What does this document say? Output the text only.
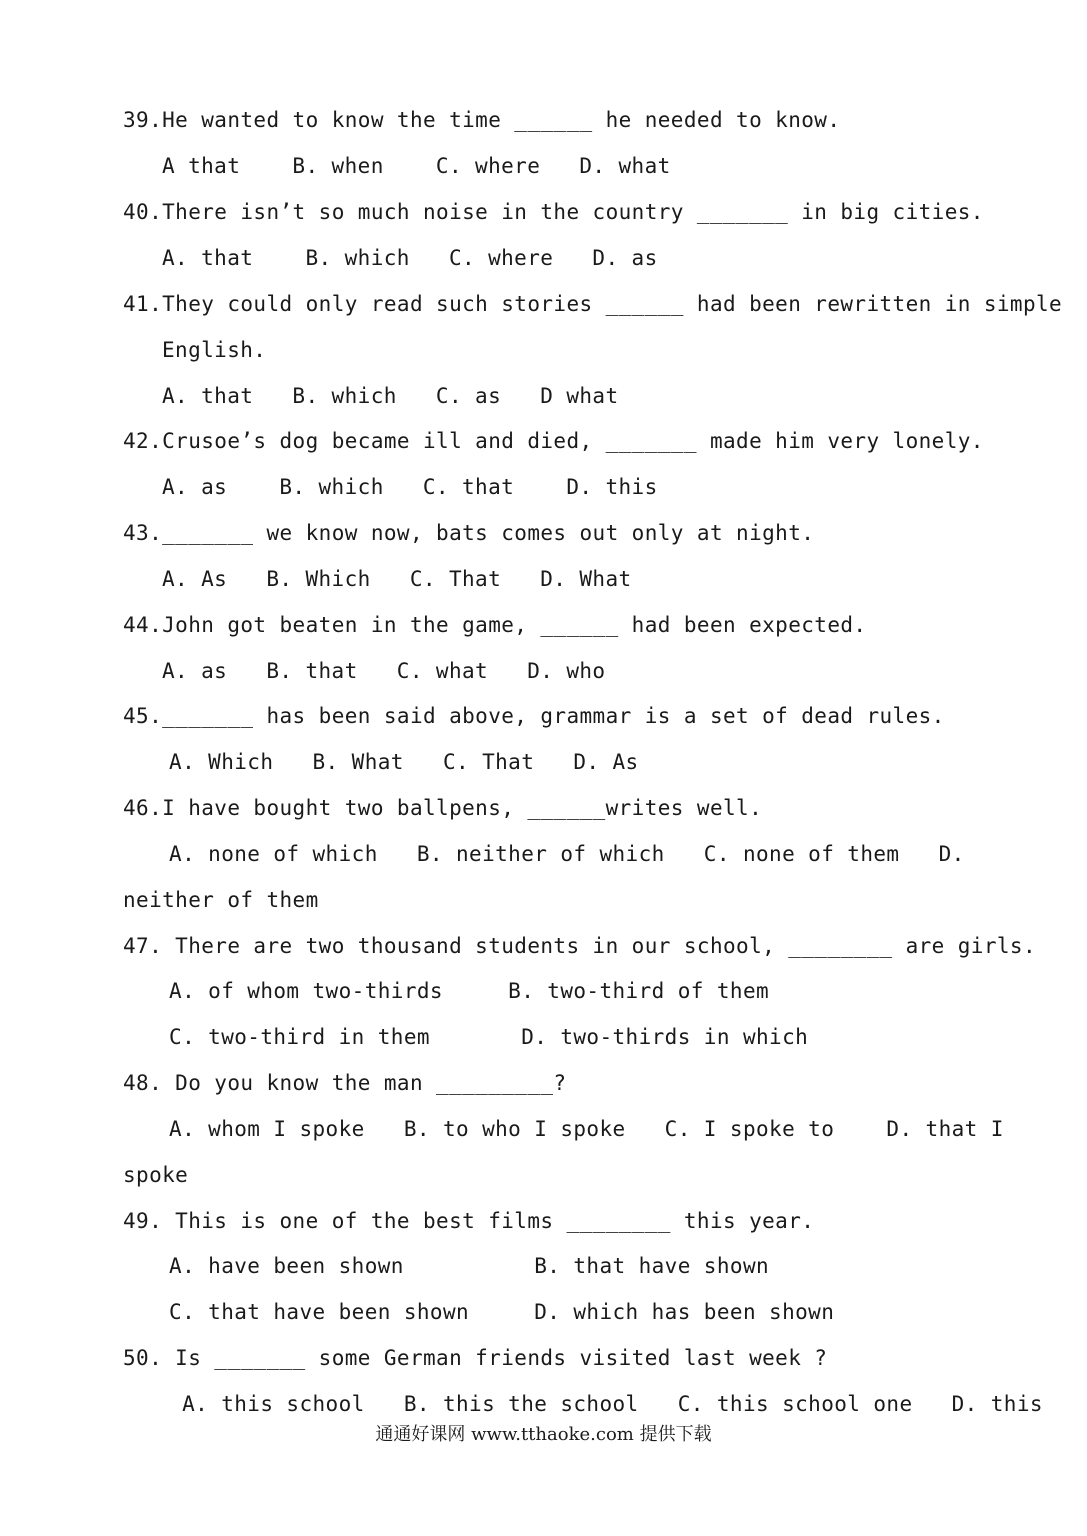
39.He wanted to know the time ______ he needed to know.
A that    B. when    C. where   D. what
40.There isn’t so much noise in the country _______ in big cities.
A. that    B. which   C. where   D. as
41.They could only read such stories ______ had been rewritten in simple
English.
A. that   B. which   C. as   D what
42.Crusoe’s dog became ill and died, _______ made him very lonely.
A. as    B. which   C. that    D. this
43._______ we know now, bats comes out only at night.
A. As   B. Which   C. That   D. What
44.John got beaten in the game, ______ had been expected.
A. as   B. that   C. what   D. who
45._______ has been said above, grammar is a set of dead rules.
A. Which   B. What   C. That   D. As
46.I have bought two ballpens, ______writes well.
A. none of which   B. neither of which   C. none of them   D.
neither of them
47. There are two thousand students in our school, ________ are girls.
A. of whom two-thirds     B. two-third of them
C. two-third in them       D. two-thirds in which
48. Do you know the man _________?
A. whom I spoke   B. to who I spoke   C. I spoke to    D. that I
spoke
49. This is one of the best films ________ this year.
A. have been shown          B. that have shown
C. that have been shown     D. which has been shown
50. Is _______ some German friends visited last week ?
A. this school   B. this the school   C. this school one   D. this
通通好课网 www.tthaoke.com 提供下载
